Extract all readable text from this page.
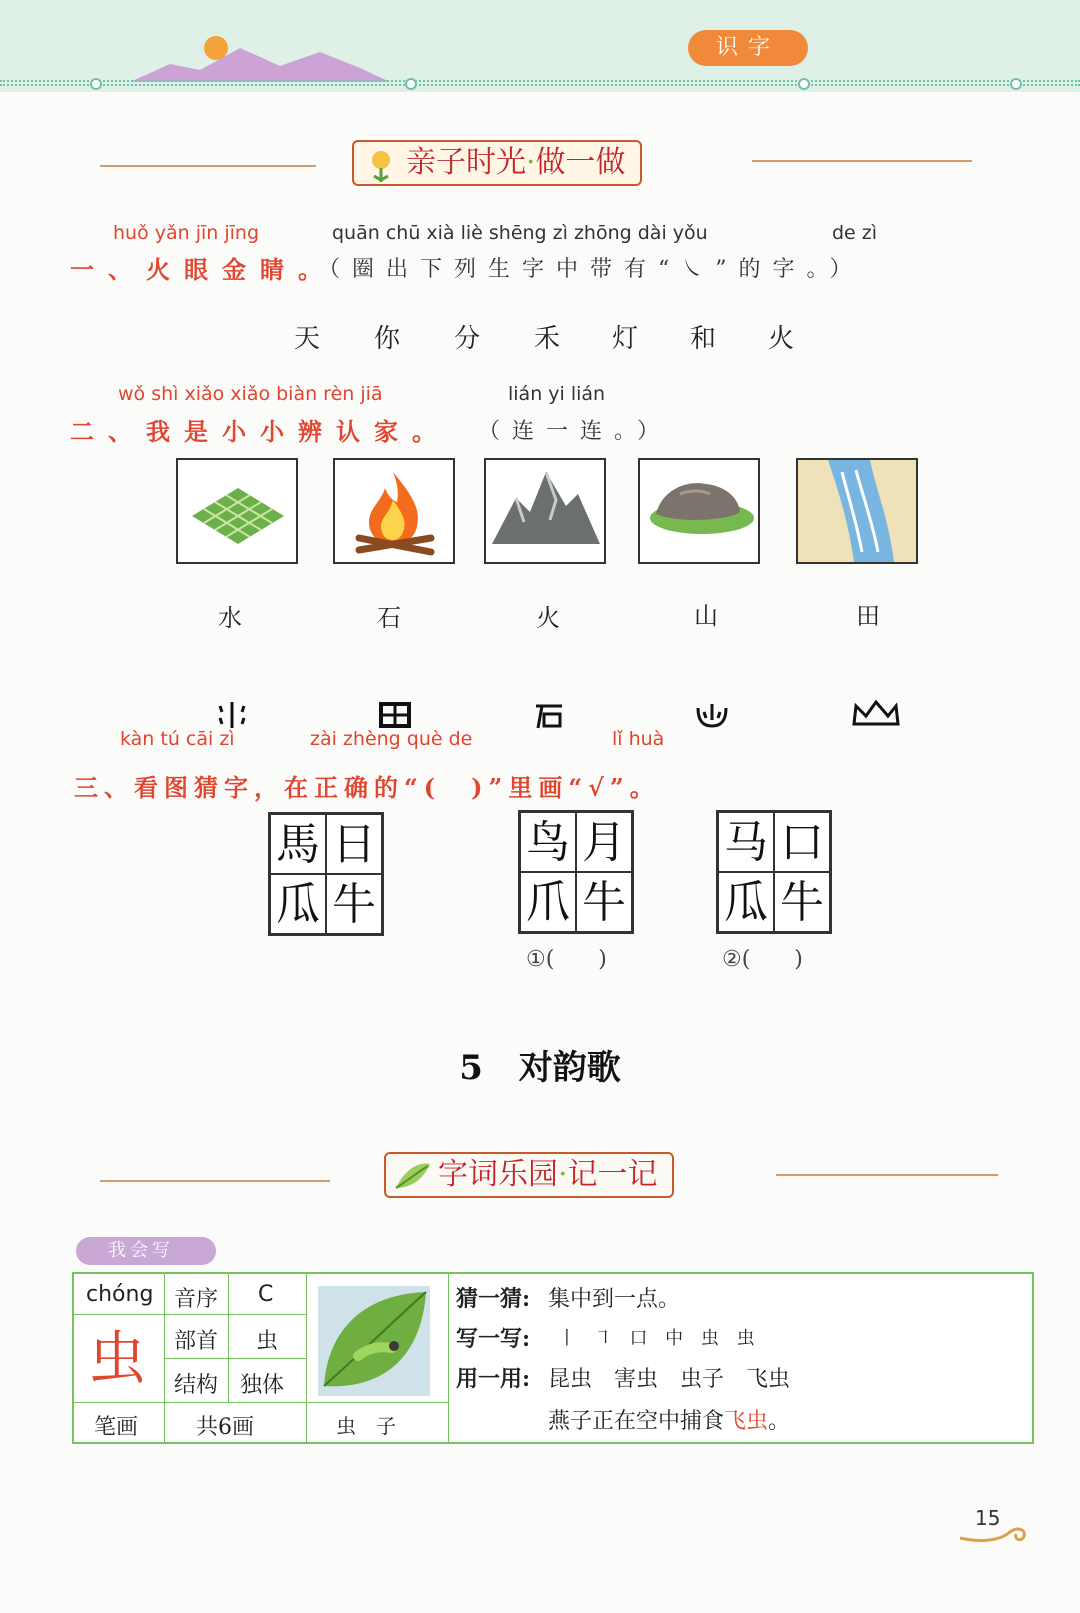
识字
亲子时光·做一做
huǒ yǎn jīn jīng	quān chū xià liè shēng zì zhōng dài yǒu	de zì
一、火眼金睛。
（圈出下列生字中带有“㇏”的字。）
天 你 分 禾 灯 和 火
wǒ shì xiǎo xiǎo biàn rèn jiā	lián yi lián
二、我是小小辨认家。 （连一连。）
水	石	火	山	田
kàn tú cāi zì	zài zhèng què de	lǐ huà
三、看图猜字，在正确的“(　)”里画“√”。
馬 日
瓜 牛
鸟 月
爪 牛
①(　　)
马 口
瓜 牛
②(　　)
5 对韵歌
字词乐园·记一记
我会写
chóng
虫
音序 C
部首 虫
结构 独体
笔画	共6画	虫　子
猜一猜: 集中到一点。
写一写: 丨 ㇕ 口 中 虫 虫
用一用: 昆虫　害虫　虫子　飞虫
燕子正在空中捕食飞虫。
15
